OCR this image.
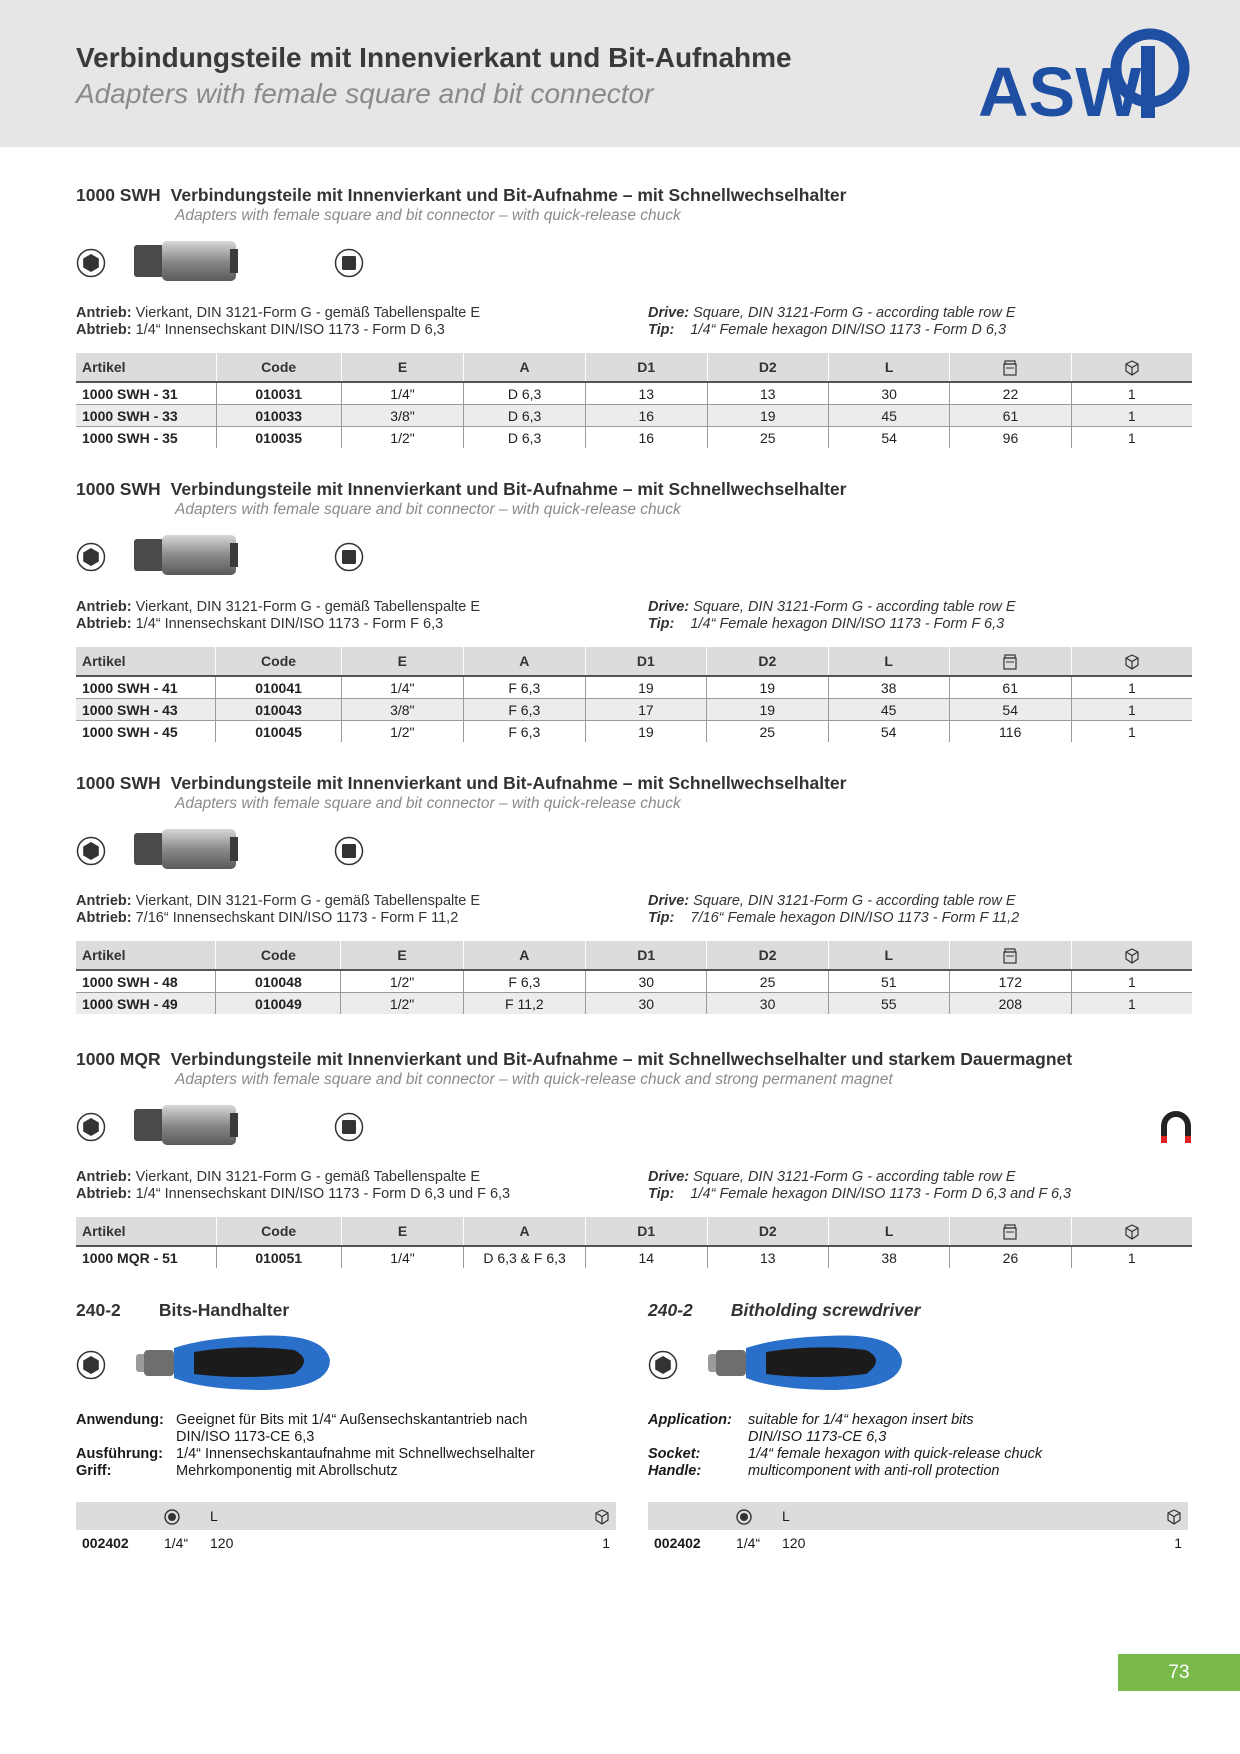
Verbindungsteile mit Innenvierkant und Bit-Aufnahme
Adapters with female square and bit connector	ASW
1000 SWH Verbindungsteile mit Innenvierkant und Bit-Aufnahme – mit Schnellwechselhalter
Adapters with female square and bit connector – with quick-release chuck
Antrieb: Vierkant, DIN 3121-Form G - gemäß Tabellenspalte E
Abtrieb: 1/4“ Innensechskant DIN/ISO 1173 - Form D 6,3
Drive: Square, DIN 3121-Form G - according table row E
Tip:    1/4“ Female hexagon DIN/ISO 1173 - Form D 6,3
Artikel	Code	E	A	D1	D2	L		
1000 SWH - 31	010031	1/4"	D 6,3	13	13	30	22	1
1000 SWH - 33	010033	3/8"	D 6,3	16	19	45	61	1
1000 SWH - 35	010035	1/2"	D 6,3	16	25	54	96	1
1000 SWH Verbindungsteile mit Innenvierkant und Bit-Aufnahme – mit Schnellwechselhalter
Adapters with female square and bit connector – with quick-release chuck
Antrieb: Vierkant, DIN 3121-Form G - gemäß Tabellenspalte E
Abtrieb: 1/4“ Innensechskant DIN/ISO 1173 - Form F 6,3
Drive: Square, DIN 3121-Form G - according table row E
Tip:    1/4“ Female hexagon DIN/ISO 1173 - Form F 6,3
Artikel	Code	E	A	D1	D2	L		
1000 SWH - 41	010041	1/4"	F 6,3	19	19	38	61	1
1000 SWH - 43	010043	3/8"	F 6,3	17	19	45	54	1
1000 SWH - 45	010045	1/2"	F 6,3	19	25	54	116	1
1000 SWH Verbindungsteile mit Innenvierkant und Bit-Aufnahme – mit Schnellwechselhalter
Adapters with female square and bit connector – with quick-release chuck
Antrieb: Vierkant, DIN 3121-Form G - gemäß Tabellenspalte E
Abtrieb: 7/16“ Innensechskant DIN/ISO 1173 - Form F 11,2
Drive: Square, DIN 3121-Form G - according table row E
Tip:    7/16“ Female hexagon DIN/ISO 1173 - Form F 11,2
Artikel	Code	E	A	D1	D2	L		
1000 SWH - 48	010048	1/2"	F 6,3	30	25	51	172	1
1000 SWH - 49	010049	1/2"	F 11,2	30	30	55	208	1
1000 MQR Verbindungsteile mit Innenvierkant und Bit-Aufnahme – mit Schnellwechselhalter und starkem Dauermagnet
Adapters with female square and bit connector – with quick-release chuck and strong permanent magnet
Antrieb: Vierkant, DIN 3121-Form G - gemäß Tabellenspalte E
Abtrieb: 1/4“ Innensechskant DIN/ISO 1173 - Form D 6,3 und F 6,3
Drive: Square, DIN 3121-Form G - according table row E
Tip:    1/4“ Female hexagon DIN/ISO 1173 - Form D 6,3 and F 6,3
Artikel	Code	E	A	D1	D2	L		
1000 MQR - 51	010051	1/4"	D 6,3 & F 6,3	14	13	38	26	1
240-2 Bits-Handhalter
Anwendung: Geeignet für Bits mit 1/4“ Außensechskantantrieb nach
DIN/ISO 1173-CE 6,3
Ausführung: 1/4“ Innensechskantaufnahme mit Schnellwechselhalter
Griff:	Mehrkomponentig mit Abrollschutz
		L	
002402	1/4“	120	1
240-2 Bitholding screwdriver
Application:	suitable for 1/4“ hexagon insert bits
DIN/ISO 1173-CE 6,3
Socket:	1/4“ female hexagon with quick-release chuck
Handle:	multicomponent with anti-roll protection
		L	
002402	1/4“	120	1
73
